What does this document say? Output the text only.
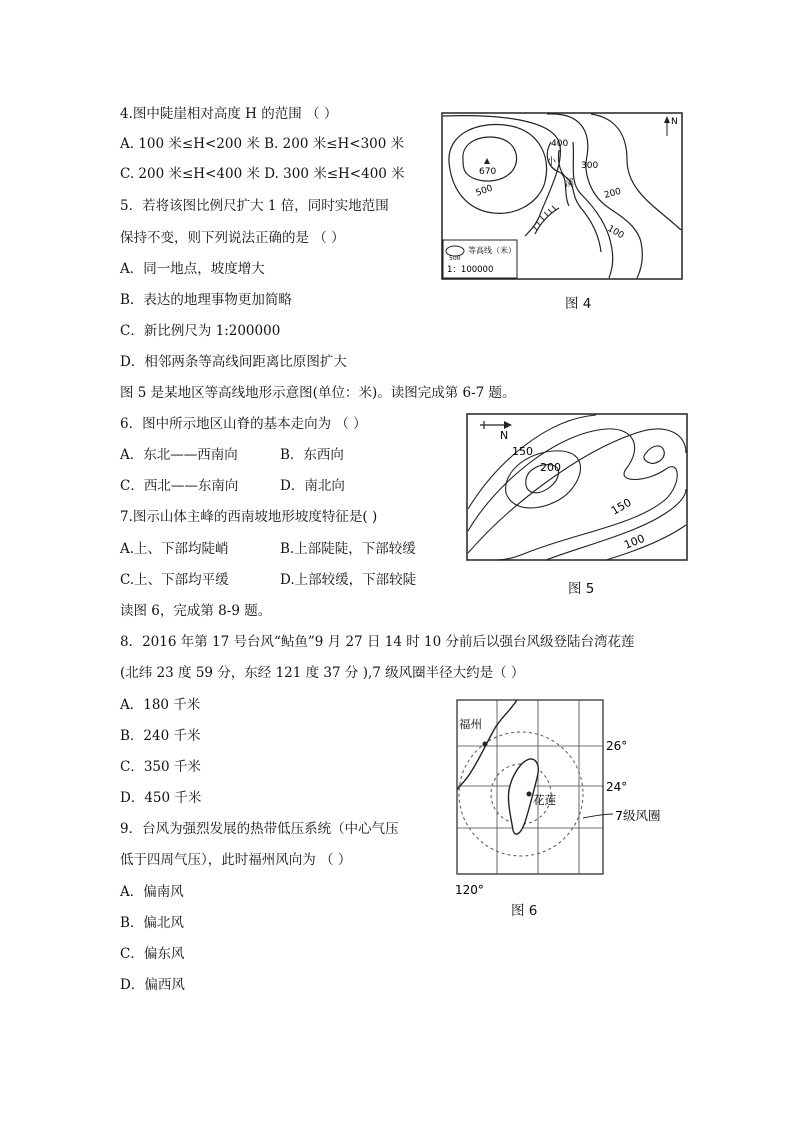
4.图中陡崖相对高度 H 的范围 （ ）
A. 100 米≤H<200 米 B. 200 米≤H<300 米
C. 200 米≤H<400 米 D. 300 米≤H<400 米
5．若将该图比例尺扩大 1 倍，同时实地范围
保持不变，则下列说法正确的是 （ ）
A．同一地点，坡度增大
B．表达的地理事物更加简略
C．新比例尺为 1:200000
D．相邻两条等高线间距离比原图扩大
图 5 是某地区等高线地形示意图(单位：米)。读图完成第 6-7 题。
6．图中所示地区山脊的基本走向为 （ ）
A．东北——西南向	B．东西向
C．西北——东南向	D．南北向
7.图示山体主峰的西南坡地形坡度特征是( )
A.上、下部均陡峭	B.上部陡陡，下部较缓
C.上、下部均平缓	D.上部较缓，下部较陡
读图 6，完成第 8-9 题。
8．2016 年第 17 号台风“鲇鱼”9 月 27 日 14 时 10 分前后以强台风级登陆台湾花莲
(北纬 23 度 59 分，东经 121 度 37 分 ),7 级风圈半径大约是（ ）
A．180 千米
B．240 千米
C．350 千米
D．450 千米
9．台风为强烈发展的热带低压系统（中心气压
低于四周气压），此时福州风向为 （ ）
A．偏南风
B．偏北风
C．偏东风
D．偏西风
N
670
500
400
300
200
100
小
溪
500
等高线（米）
1：100000
图 4
N
150
200
150
100
图 5
福州
花莲
26°
24°
120°
7级风圈
图 6
